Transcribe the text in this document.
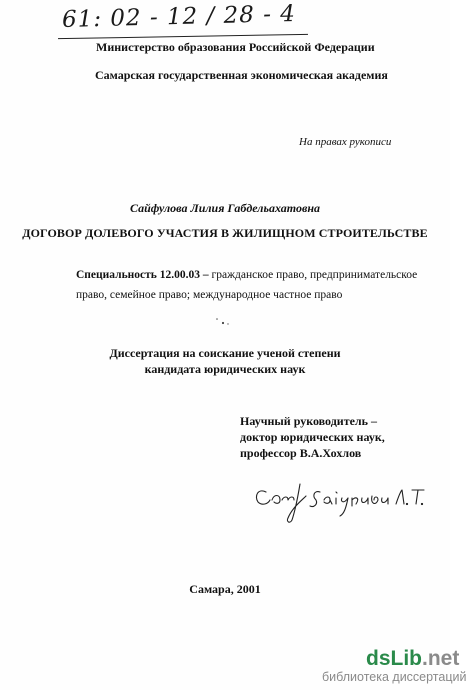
61: 02 - 12 / 28 - 4
Министерство образования Российской Федерации
Самарская государственная экономическая академия
На правах рукописи
Сайфулова Лилия Габдельахатовна
ДОГОВОР ДОЛЕВОГО УЧАСТИЯ В ЖИЛИЩНОМ СТРОИТЕЛЬСТВЕ
Специальность 12.00.03 – гражданское право, предпринимательское
право, семейное право; международное частное право
Диссертация на соискание ученой степени
кандидата юридических наук
Научный руководитель –
доктор юридических наук,
профессор В.А.Хохлов
Самара, 2001
dsLib.net
библиотека диссертаций
